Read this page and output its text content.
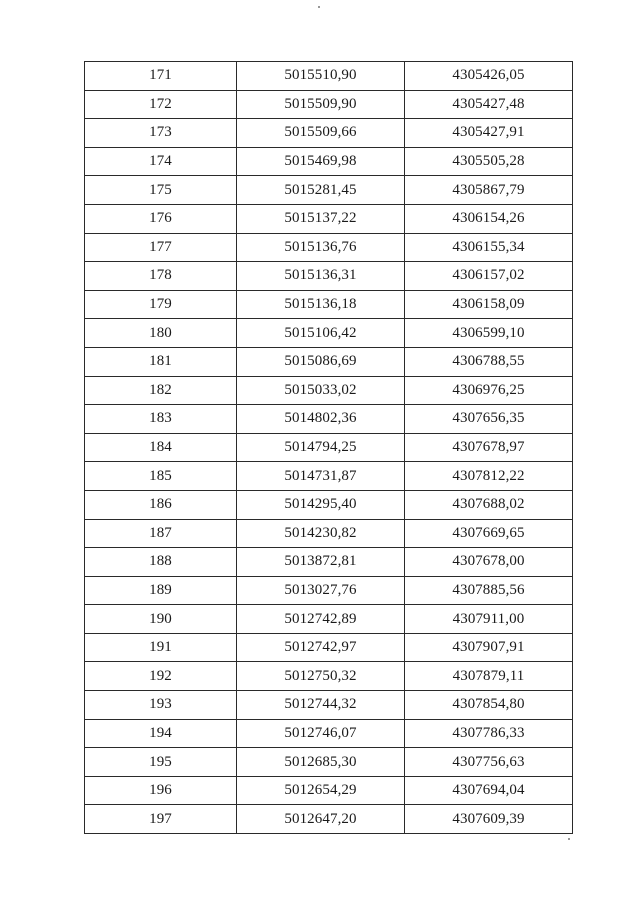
171	5015510,90	4305426,05
172	5015509,90	4305427,48
173	5015509,66	4305427,91
174	5015469,98	4305505,28
175	5015281,45	4305867,79
176	5015137,22	4306154,26
177	5015136,76	4306155,34
178	5015136,31	4306157,02
179	5015136,18	4306158,09
180	5015106,42	4306599,10
181	5015086,69	4306788,55
182	5015033,02	4306976,25
183	5014802,36	4307656,35
184	5014794,25	4307678,97
185	5014731,87	4307812,22
186	5014295,40	4307688,02
187	5014230,82	4307669,65
188	5013872,81	4307678,00
189	5013027,76	4307885,56
190	5012742,89	4307911,00
191	5012742,97	4307907,91
192	5012750,32	4307879,11
193	5012744,32	4307854,80
194	5012746,07	4307786,33
195	5012685,30	4307756,63
196	5012654,29	4307694,04
197	5012647,20	4307609,39
